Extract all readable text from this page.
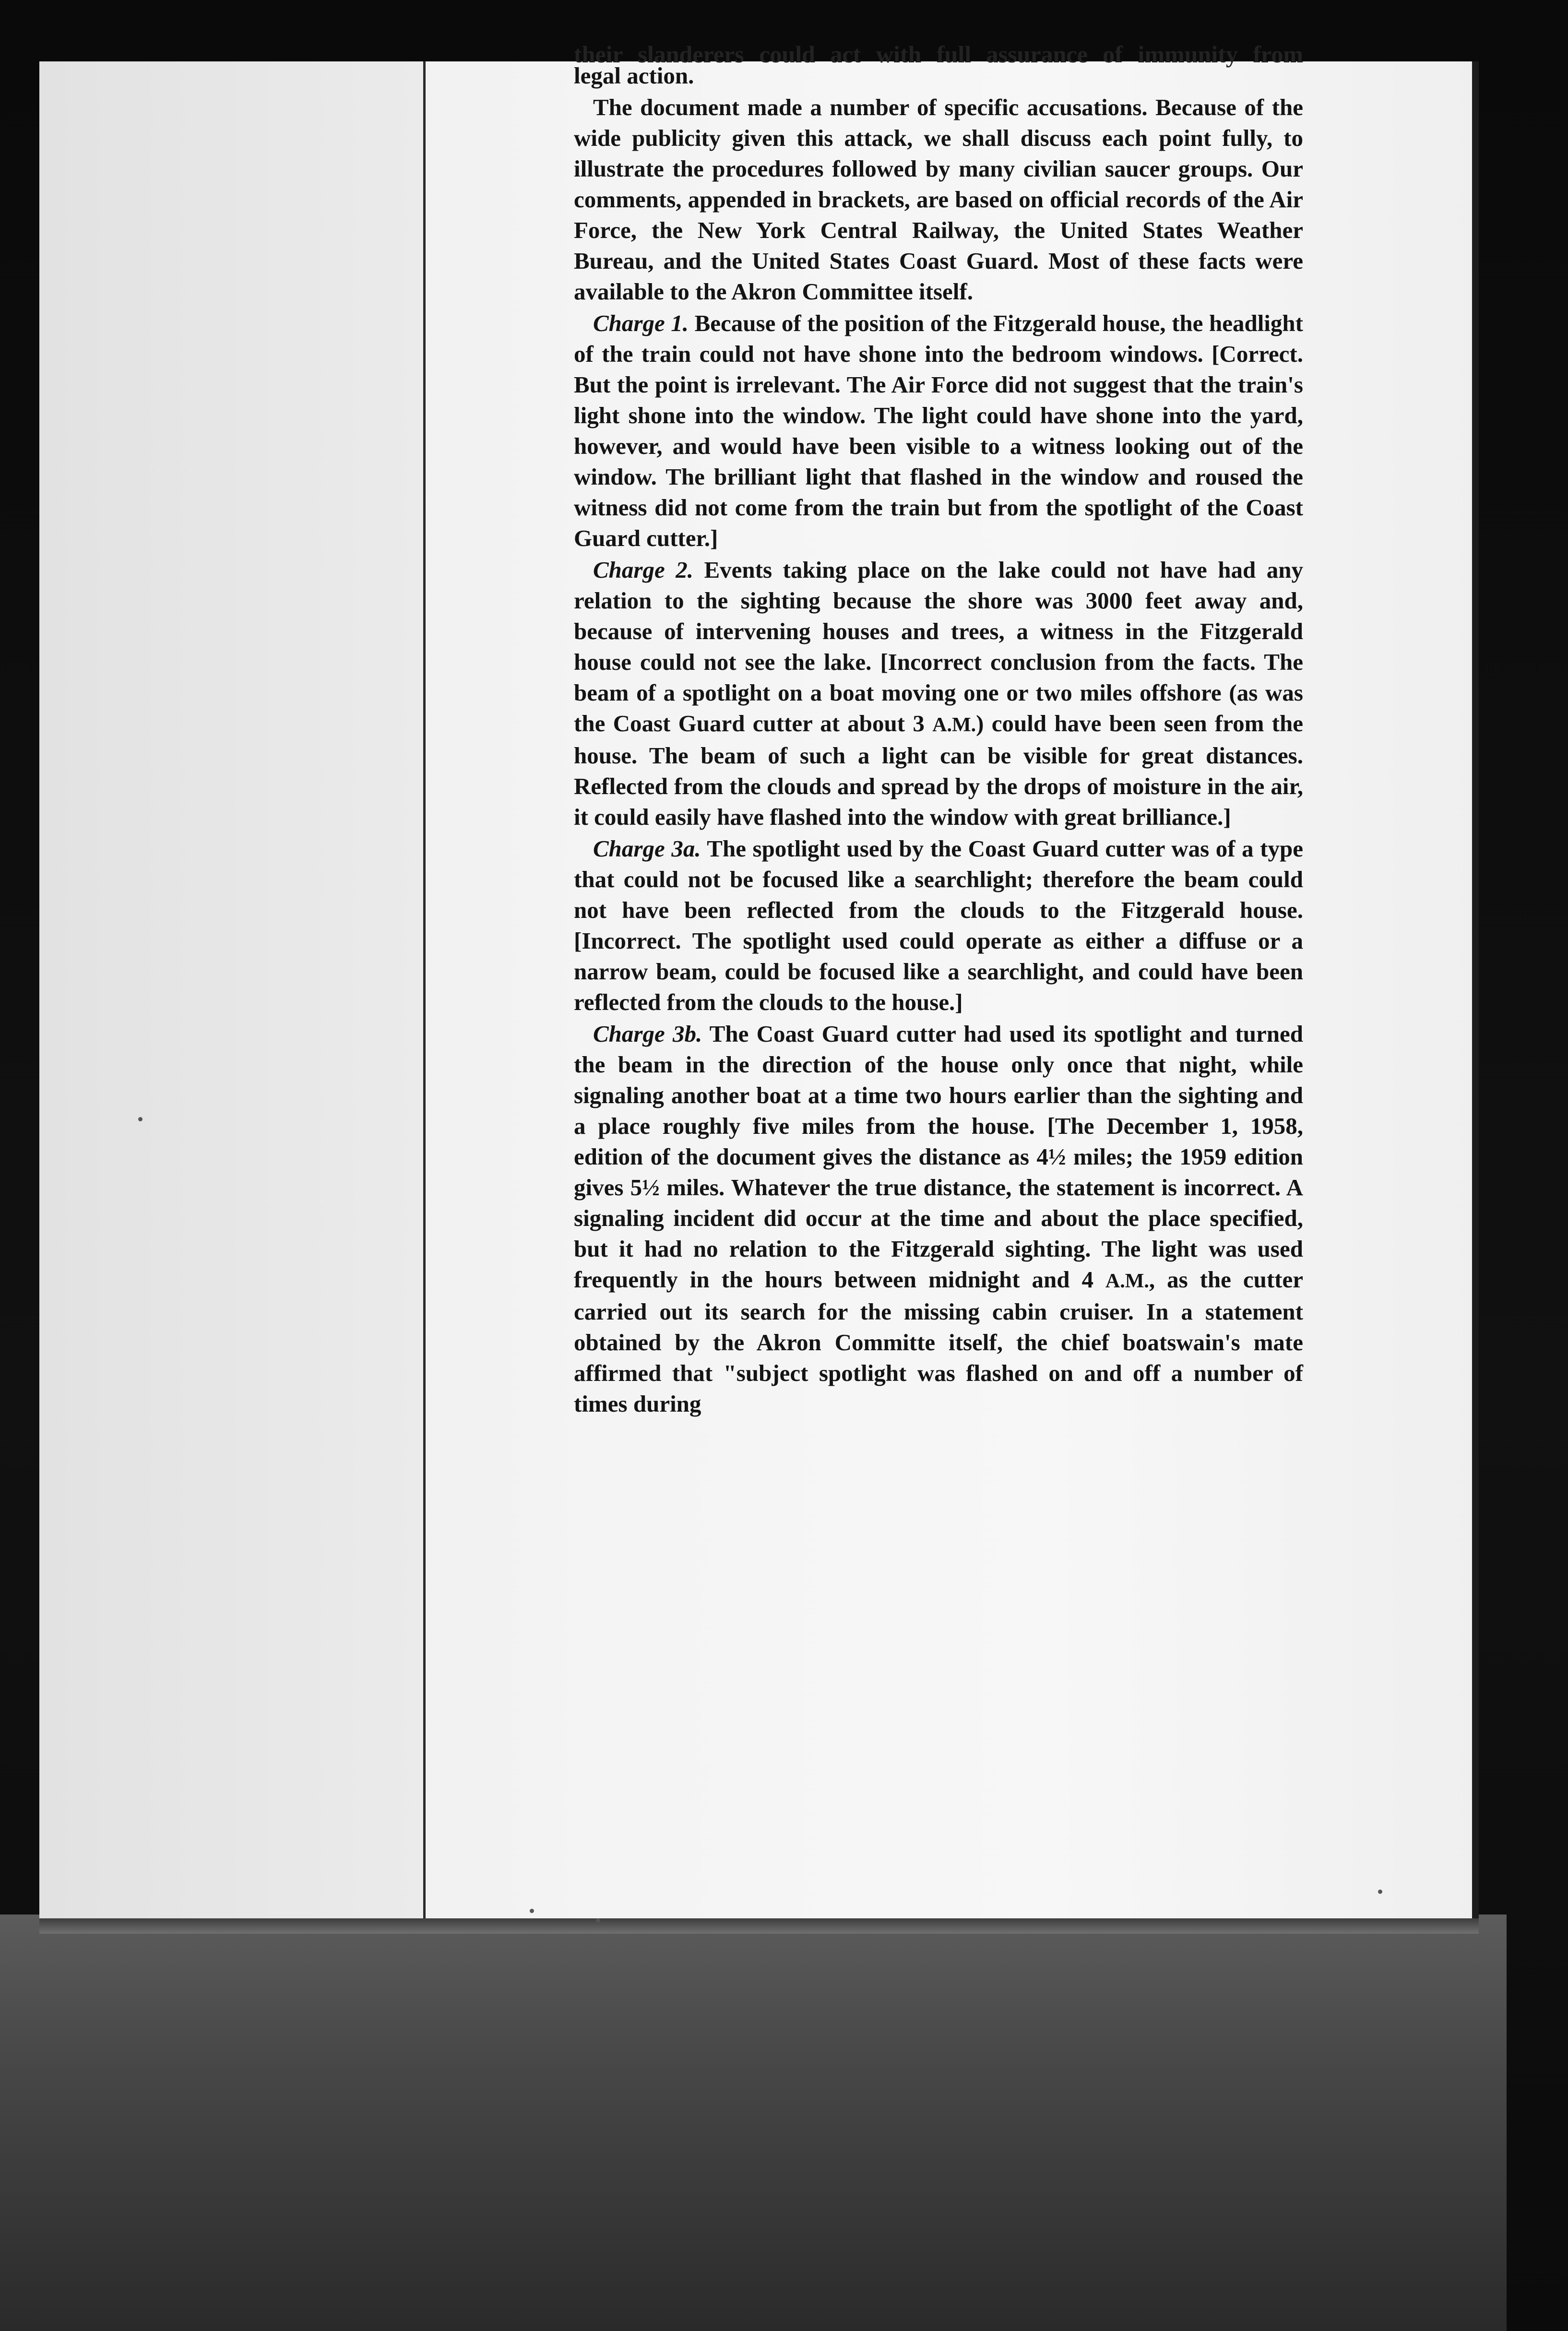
their slanderers could act with full assurance of immunity from

legal action.

The document made a number of specific accusations. Because of the wide publicity given this attack, we shall discuss each point fully, to illustrate the procedures followed by many civilian saucer groups. Our comments, appended in brackets, are based on official records of the Air Force, the New York Central Railway, the United States Weather Bureau, and the United States Coast Guard. Most of these facts were available to the Akron Committee itself.

Charge 1. Because of the position of the Fitzgerald house, the headlight of the train could not have shone into the bedroom windows. [Correct. But the point is irrelevant. The Air Force did not suggest that the train's light shone into the window. The light could have shone into the yard, however, and would have been visible to a witness looking out of the window. The brilliant light that flashed in the window and roused the witness did not come from the train but from the spotlight of the Coast Guard cutter.]

Charge 2. Events taking place on the lake could not have had any relation to the sighting because the shore was 3000 feet away and, because of intervening houses and trees, a witness in the Fitzgerald house could not see the lake. [Incorrect conclusion from the facts. The beam of a spotlight on a boat moving one or two miles offshore (as was the Coast Guard cutter at about 3 A.M.) could have been seen from the house. The beam of such a light can be visible for great distances. Reflected from the clouds and spread by the drops of moisture in the air, it could easily have flashed into the window with great brilliance.]

Charge 3a. The spotlight used by the Coast Guard cutter was of a type that could not be focused like a searchlight; therefore the beam could not have been reflected from the clouds to the Fitzgerald house. [Incorrect. The spotlight used could operate as either a diffuse or a narrow beam, could be focused like a searchlight, and could have been reflected from the clouds to the house.]

Charge 3b. The Coast Guard cutter had used its spotlight and turned the beam in the direction of the house only once that night, while signaling another boat at a time two hours earlier than the sighting and a place roughly five miles from the house. [The December 1, 1958, edition of the document gives the distance as 4½ miles; the 1959 edition gives 5½ miles. Whatever the true distance, the statement is incorrect. A signaling incident did occur at the time and about the place specified, but it had no relation to the Fitzgerald sighting. The light was used frequently in the hours between midnight and 4 A.M., as the cutter carried out its search for the missing cabin cruiser. In a statement obtained by the Akron Committe itself, the chief boatswain's mate affirmed that "subject spotlight was flashed on and off a number of times during
